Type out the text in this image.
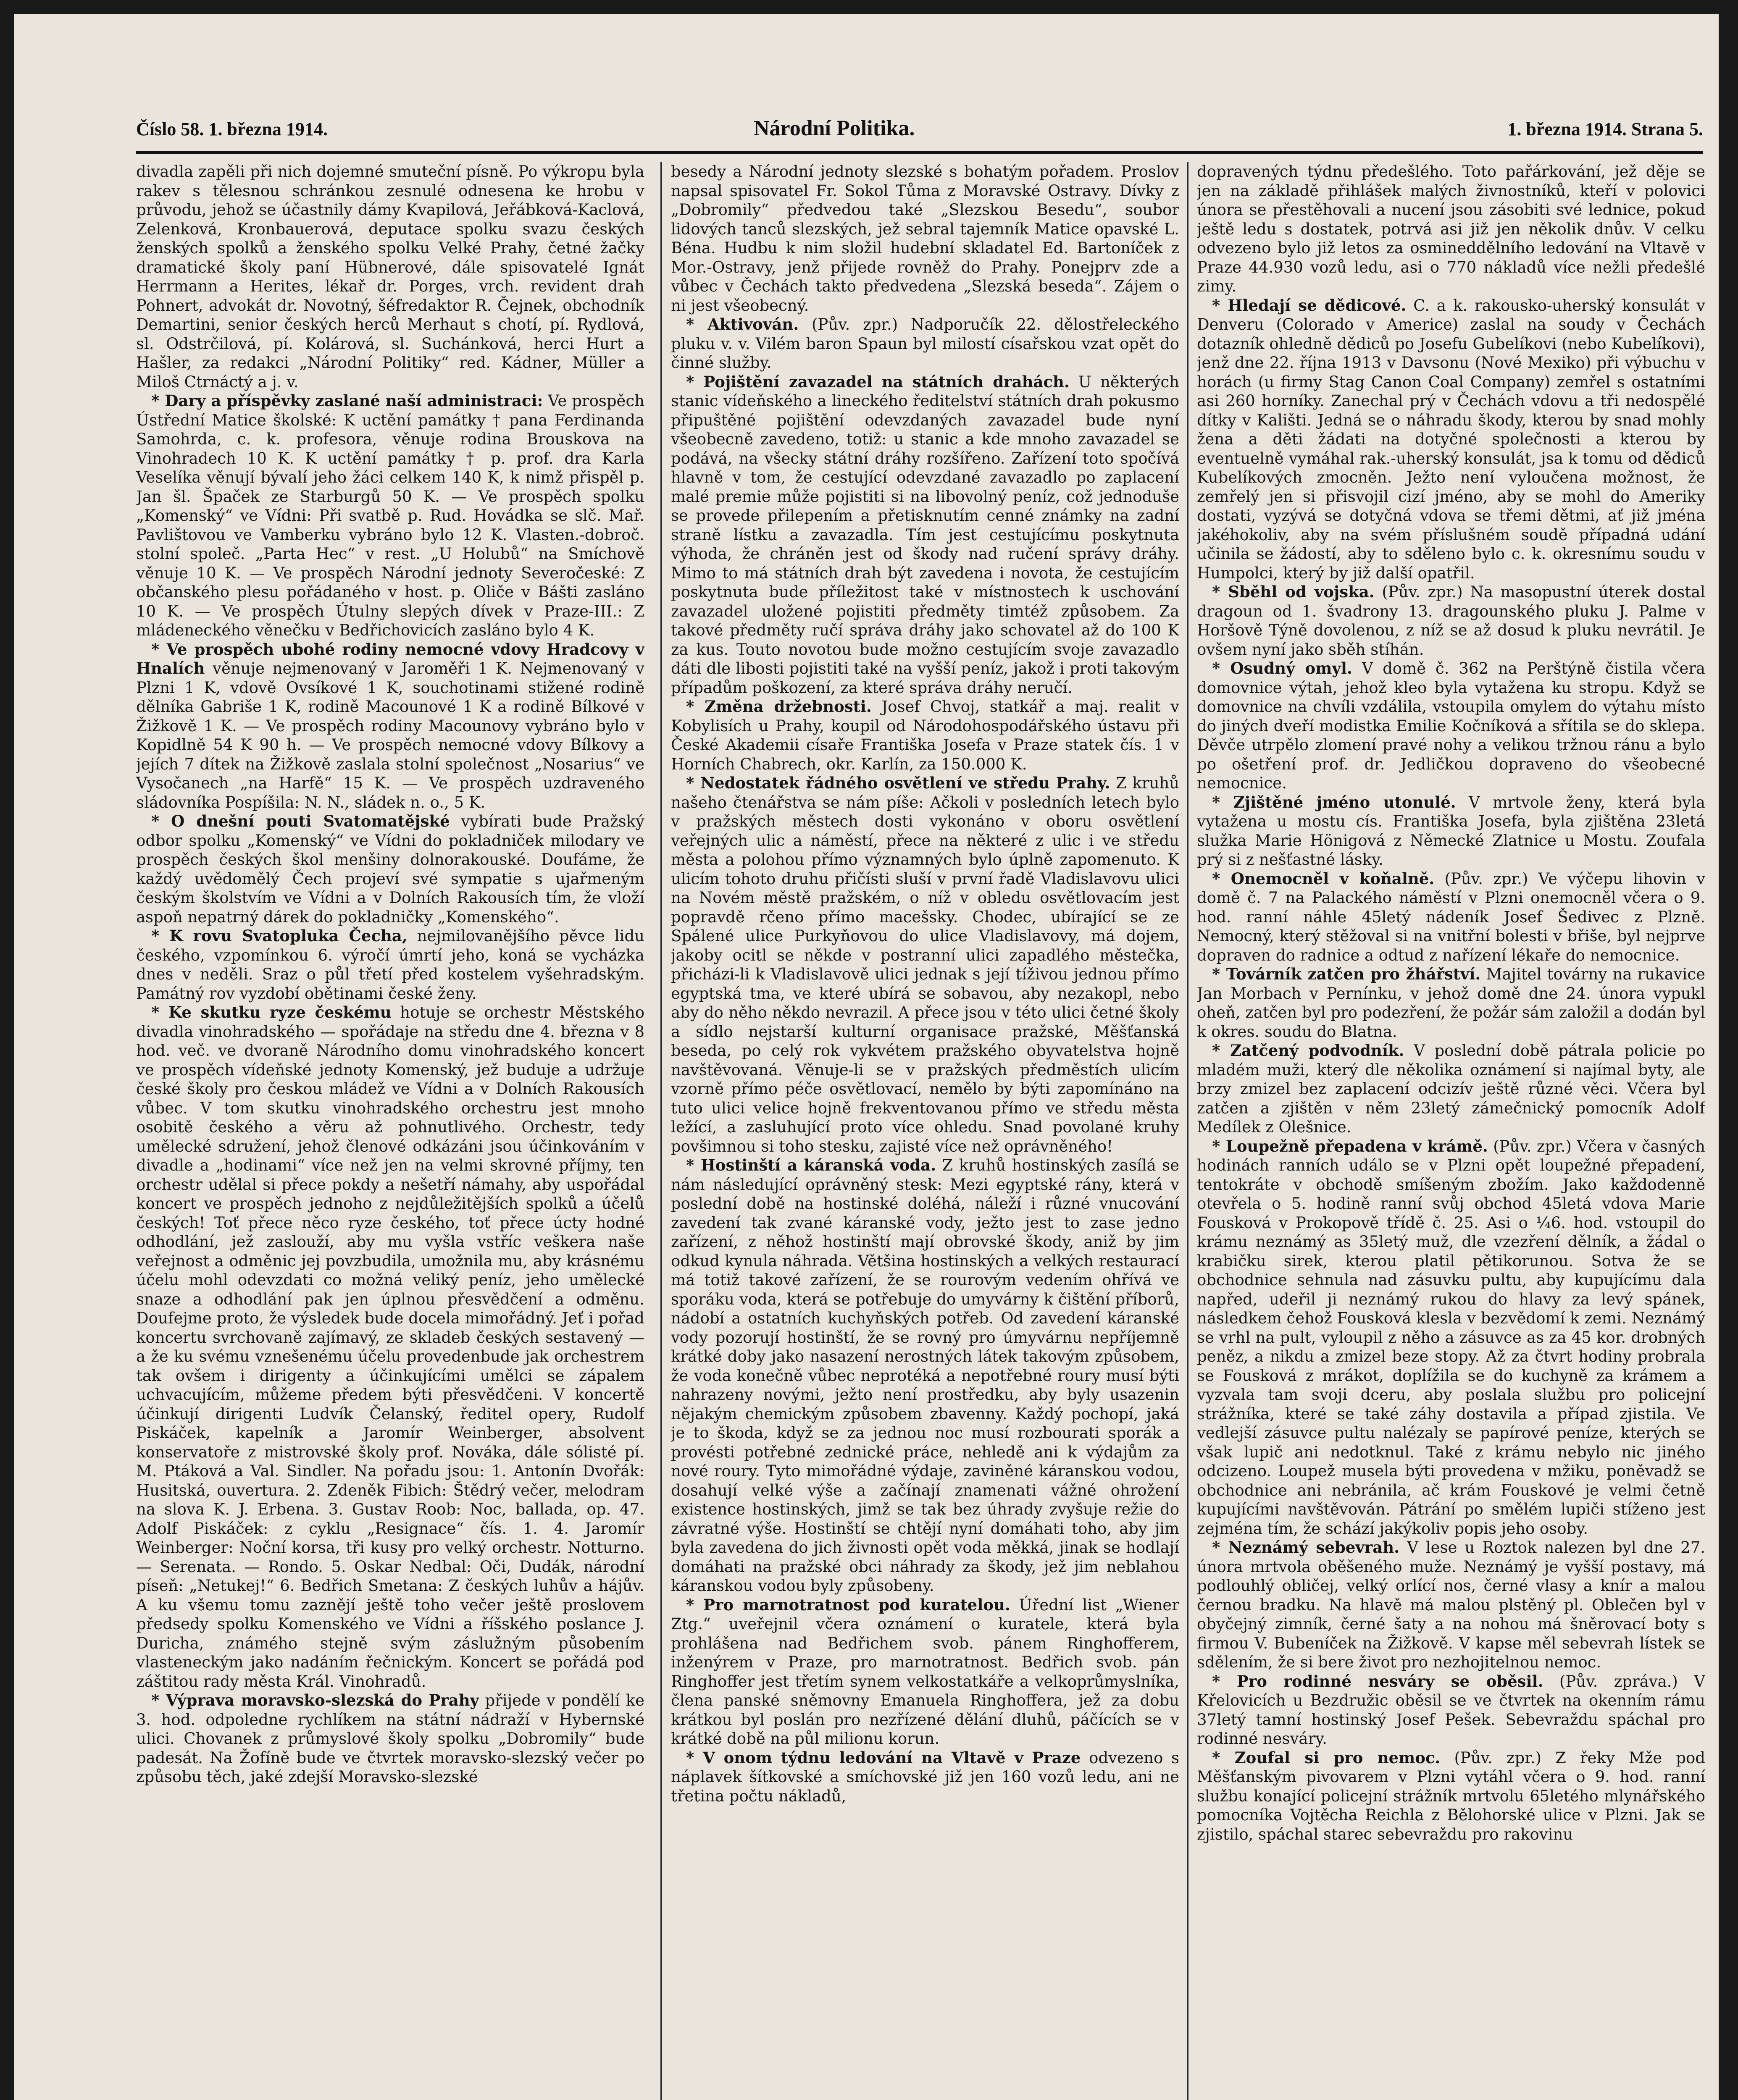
Číslo 58. 1. března 1914.	Národní Politika.	1. března 1914. Strana 5.

divadla zapěli při nich dojemné smuteční písně. Po výkropu byla rakev s tělesnou schránkou zesnulé odnesena ke hrobu v průvodu, jehož se účastnily dámy Kvapilová, Jeřábková-Kaclová, Zelenková, Kronbauerová, deputace spolku svazu českých ženských spolků a ženského spolku Velké Prahy, četné žačky dramatické školy paní Hübnerové, dále spisovatelé Ignát Herrmann a Herites, lékař dr. Porges, vrch. revident drah Pohnert, advokát dr. Novotný, šéfredaktor R. Čejnek, obchodník Demartini, senior českých herců Merhaut s chotí, pí. Rydlová, sl. Odstrčilová, pí. Kolárová, sl. Suchánková, herci Hurt a Hašler, za redakci „Národní Politiky“ red. Kádner, Müller a Miloš Ctrnáctý a j. v.

* Dary a příspěvky zaslané naší administraci: Ve prospěch Ústřední Matice školské: K uctění památky † pana Ferdinanda Samohrda, c. k. profesora, věnuje rodina Brouskova na Vinohradech 10 K. K uctění památky † p. prof. dra Karla Veselíka věnují bývalí jeho žáci celkem 140 K, k nimž přispěl p. Jan šl. Špaček ze Starburgů 50 K. — Ve prospěch spolku „Komenský“ ve Vídni: Při svatbě p. Rud. Hovádka se slč. Mař. Pavlištovou ve Vamberku vybráno bylo 12 K. Vlasten.-dobroč. stolní společ. „Parta Hec“ v rest. „U Holubů“ na Smíchově věnuje 10 K. — Ve prospěch Národní jednoty Severočeské: Z občanského plesu pořádaného v host. p. Oliče v Bášti zasláno 10 K. — Ve prospěch Útulny slepých dívek v Praze-III.: Z mládeneckého věnečku v Bedřichovicích zasláno bylo 4 K.

* Ve prospěch ubohé rodiny nemocné vdovy Hradcovy v Hnalích věnuje nejmenovaný v Jaroměři 1 K. Nejmenovaný v Plzni 1 K, vdově Ovsíkové 1 K, souchotinami stižené rodině dělníka Gabriše 1 K, rodině Macounové 1 K a rodině Bílkové v Žižkově 1 K. — Ve prospěch rodiny Macounovy vybráno bylo v Kopidlně 54 K 90 h. — Ve prospěch nemocné vdovy Bílkovy a jejích 7 dítek na Žižkově zaslala stolní společnost „Nosarius“ ve Vysočanech „na Harfě“ 15 K. — Ve prospěch uzdraveného sládovníka Pospíšila: N. N., sládek n. o., 5 K.

* O dnešní pouti Svatomatějské vybírati bude Pražský odbor spolku „Komenský“ ve Vídni do pokladniček milodary ve prospěch českých škol menšiny dolnorakouské. Doufáme, že každý uvědomělý Čech projeví své sympatie s ujařmeným českým školstvím ve Vídni a v Dolních Rakousích tím, že vloží aspoň nepatrný dárek do pokladničky „Komenského“.

* K rovu Svatopluka Čecha, nejmilovanějšího pěvce lidu českého, vzpomínkou 6. výročí úmrtí jeho, koná se vycházka dnes v neděli. Sraz o půl třetí před kostelem vyšehradským. Památný rov vyzdobí obětinami české ženy.

* Ke skutku ryze českému hotuje se orchestr Městského divadla vinohradského — spořádaje na středu dne 4. března v 8 hod. več. ve dvoraně Národního domu vinohradského koncert ve prospěch vídeňské jednoty Komenský, jež buduje a udržuje české školy pro českou mládež ve Vídni a v Dolních Rakousích vůbec. V tom skutku vinohradského orchestru jest mnoho osobitě českého a věru až pohnutlivého. Orchestr, tedy umělecké sdružení, jehož členové odkázáni jsou účinkováním v divadle a „hodinami“ více než jen na velmi skrovné příjmy, ten orchestr udělal si přece pokdy a nešetří námahy, aby uspořádal koncert ve prospěch jednoho z nejdůležitějších spolků a účelů českých! Toť přece něco ryze českého, toť přece úcty hodné odhodlání, jež zaslouží, aby mu vyšla vstříc veškera naše veřejnost a odměnic jej povzbudila, umožnila mu, aby krásnému účelu mohl odevzdati co možná veliký peníz, jeho umělecké snaze a odhodlání pak jen úplnou přesvědčení a odměnu. Doufejme proto, že výsledek bude docela mimořádný. Jeť i pořad koncertu svrchovaně zajímavý, ze skladeb českých sestavený — a že ku svému vznešenému účelu provedenbude jak orchestrem tak ovšem i dirigenty a účinkujícími umělci se zápalem uchvacujícím, můžeme předem býti přesvědčeni. V koncertě účinkují dirigenti Ludvík Čelanský, ředitel opery, Rudolf Piskáček, kapelník a Jaromír Weinberger, absolvent konservatoře z mistrovské školy prof. Nováka, dále sólisté pí. M. Ptáková a Val. Sindler. Na pořadu jsou: 1. Antonín Dvořák: Husitská, ouvertura. 2. Zdeněk Fibich: Štědrý večer, melodram na slova K. J. Erbena. 3. Gustav Roob: Noc, ballada, op. 47. Adolf Piskáček: z cyklu „Resignace“ čís. 1. 4. Jaromír Weinberger: Noční korsa, tři kusy pro velký orchestr. Notturno. — Serenata. — Rondo. 5. Oskar Nedbal: Oči, Dudák, národní píseň: „Netukej!“ 6. Bedřich Smetana: Z českých luhův a hájův. A ku všemu tomu zaznějí ještě toho večer ještě proslovem předsedy spolku Komenského ve Vídni a říšského poslance J. Duricha, známého stejně svým záslužným působením vlasteneckým jako nadáním řečnickým. Koncert se pořádá pod záštitou rady města Král. Vinohradů.

* Výprava moravsko-slezská do Prahy přijede v pondělí ke 3. hod. odpoledne rychlíkem na státní nádraží v Hybernské ulici. Chovanek z průmyslové školy spolku „Dobromily“ bude padesát. Na Žofíně bude ve čtvrtek moravsko-slezský večer po způsobu těch, jaké zdejší Moravsko-slezské

besedy a Národní jednoty slezské s bohatým pořadem. Proslov napsal spisovatel Fr. Sokol Tůma z Moravské Ostravy. Dívky z „Dobromily“ předvedou také „Slezskou Besedu“, soubor lidových tanců slezských, jež sebral tajemník Matice opavské L. Béna. Hudbu k nim složil hudební skladatel Ed. Bartoníček z Mor.-Ostravy, jenž přijede rovněž do Prahy. Ponejprv zde a vůbec v Čechách takto předvedena „Slezská beseda“. Zájem o ni jest všeobecný.

* Aktivován. (Pův. zpr.) Nadporučík 22. dělostřeleckého pluku v. v. Vilém baron Spaun byl milostí císařskou vzat opět do činné služby.

* Pojištění zavazadel na státních drahách. U některých stanic vídeňského a lineckého ředitelství státních drah pokusmo připuštěné pojištění odevzdaných zavazadel bude nyní všeobecně zavedeno, totiž: u stanic a kde mnoho zavazadel se podává, na všecky státní dráhy rozšířeno. Zařízení toto spočívá hlavně v tom, že cestující odevzdané zavazadlo po zaplacení malé premie může pojistiti si na libovolný peníz, což jednoduše se provede přilepením a přetisknutím cenné známky na zadní straně lístku a zavazadla. Tím jest cestujícímu poskytnuta výhoda, že chráněn jest od škody nad ručení správy dráhy. Mimo to má státních drah být zavedena i novota, že cestujícím poskytnuta bude příležitost také v místnostech k uschování zavazadel uložené pojistiti předměty timtéž způsobem. Za takové předměty ručí správa dráhy jako schovatel až do 100 K za kus. Touto novotou bude možno cestujícím svoje zavazadlo dáti dle libosti pojistiti také na vyšší peníz, jakož i proti takovým případům poškození, za které správa dráhy neručí.

* Změna držebnosti. Josef Chvoj, statkář a maj. realit v Kobylisích u Prahy, koupil od Národohospodářského ústavu při České Akademii císaře Františka Josefa v Praze statek čís. 1 v Horních Chabrech, okr. Karlín, za 150.000 K.

* Nedostatek řádného osvětlení ve středu Prahy. Z kruhů našeho čtenářstva se nám píše: Ačkoli v posledních letech bylo v pražských městech dosti vykonáno v oboru osvětlení veřejných ulic a náměstí, přece na některé z ulic i ve středu města a polohou přímo významných bylo úplně zapomenuto. K ulicím tohoto druhu přičísti sluší v první řadě Vladislavovu ulici na Novém městě pražském, o níž v obledu osvětlovacím jest popravdě rčeno přímo macešsky. Chodec, ubírající se ze Spálené ulice Purkyňovou do ulice Vladislavovy, má dojem, jakoby ocitl se někde v postranní ulici zapadlého městečka, přicházi-li k Vladislavově ulici jednak s její tíživou jednou přímo egyptská tma, ve které ubírá se sobavou, aby nezakopl, nebo aby do něho někdo nevrazil. A přece jsou v této ulici četné školy a sídlo nejstarší kulturní organisace pražské, Měšťanská beseda, po celý rok vykvétem pražského obyvatelstva hojně navštěvovaná. Věnuje-li se v pražských předměstích ulicím vzorně přímo péče osvětlovací, nemělo by býti zapomínáno na tuto ulici velice hojně frekventovanou přímo ve středu města ležící, a zasluhující proto více ohledu. Snad povolané kruhy povšimnou si toho stesku, zajisté více než oprávněného!

* Hostinští a káranská voda. Z kruhů hostinských zasílá se nám následující oprávněný stesk: Mezi egyptské rány, která v poslední době na hostinské doléhá, náleží i různé vnucování zavedení tak zvané káranské vody, ježto jest to zase jedno zařízení, z něhož hostinští mají obrovské škody, aniž by jim odkud kynula náhrada. Většina hostinských a velkých restaurací má totiž takové zařízení, že se rourovým vedením ohřívá ve sporáku voda, která se potřebuje do umyvárny k čištění příborů, nádobí a ostatních kuchyňských potřeb. Od zavedení káranské vody pozorují hostinští, že se rovný pro úmyvárnu nepříjemně krátké doby jako nasazení nerostných látek takovým způsobem, že voda konečně vůbec neprotéká a nepotřebné roury musí býti nahrazeny novými, ježto není prostředku, aby byly usazenin nějakým chemickým způsobem zbavenny. Každý pochopí, jaká je to škoda, když se za jednou noc musí rozbourati sporák a provésti potřebné zednické práce, nehledě ani k výdajům za nové roury. Tyto mimořádné výdaje, zaviněné káranskou vodou, dosahují velké výše a začínají znamenati vážné ohrožení existence hostinských, jimž se tak bez úhrady zvyšuje režie do závratné výše. Hostinští se chtějí nyní domáhati toho, aby jim byla zavedena do jich živnosti opět voda měkká, jinak se hodlají domáhati na pražské obci náhrady za škody, jež jim neblahou káranskou vodou byly způsobeny.

* Pro marnotratnost pod kuratelou. Úřední list „Wiener Ztg.“ uveřejnil včera oznámení o kuratele, která byla prohlášena nad Bedřichem svob. pánem Ringhofferem, inženýrem v Praze, pro marnotratnost. Bedřich svob. pán Ringhoffer jest třetím synem velkostatkáře a velkoprůmyslníka, člena panské sněmovny Emanuela Ringhoffera, jež za dobu krátkou byl poslán pro nezřízené dělání dluhů, páčících se v krátké době na půl milionu korun.

* V onom týdnu ledování na Vltavě v Praze odvezeno s náplavek šítkovské a smíchovské již jen 160 vozů ledu, ani ne třetina počtu nákladů,

dopravených týdnu předešlého. Toto pařárkování, jež děje se jen na základě přihlášek malých živnostníků, kteří v polovici února se přestěhovali a nucení jsou zásobiti své lednice, pokud ještě ledu s dostatek, potrvá asi již jen několik dnův. V celku odvezeno bylo již letos za osmineddělního ledování na Vltavě v Praze 44.930 vozů ledu, asi o 770 nákladů více nežli předešlé zimy.

* Hledají se dědicové. C. a k. rakousko-uherský konsulát v Denveru (Colorado v Americe) zaslal na soudy v Čechách dotazník ohledně dědiců po Josefu Gubelíkovi (nebo Kubelíkovi), jenž dne 22. října 1913 v Davsonu (Nové Mexiko) při výbuchu v horách (u firmy Stag Canon Coal Company) zemřel s ostatními asi 260 horníky. Zanechal prý v Čechách vdovu a tři nedospělé dítky v Kališti. Jedná se o náhradu škody, kterou by snad mohly žena a děti žádati na dotyčné společnosti a kterou by eventuelně vymáhal rak.-uherský konsulát, jsa k tomu od dědiců Kubelíkových zmocněn. Ježto není vyloučena možnost, že zemřelý jen si přisvojil cizí jméno, aby se mohl do Ameriky dostati, vyzývá se dotyčná vdova se třemi dětmi, ať již jména jakéhokoliv, aby na svém příslušném soudě případná udání učinila se žádostí, aby to sděleno bylo c. k. okresnímu soudu v Humpolci, který by již další opatřil.

* Sběhl od vojska. (Pův. zpr.) Na masopustní úterek dostal dragoun od 1. švadrony 13. dragounského pluku J. Palme v Horšově Týně dovolenou, z níž se až dosud k pluku nevrátil. Je ovšem nyní jako sběh stíhán.

* Osudný omyl. V domě č. 362 na Perštýně čistila včera domovnice výtah, jehož kleo byla vytažena ku stropu. Když se domovnice na chvíli vzdálila, vstoupila omylem do výtahu místo do jiných dveří modistka Emilie Kočníková a sřítila se do sklepa. Děvče utrpělo zlomení pravé nohy a velikou tržnou ránu a bylo po ošetření prof. dr. Jedličkou dopraveno do všeobecné nemocnice.

* Zjištěné jméno utonulé. V mrtvole ženy, která byla vytažena u mostu cís. Františka Josefa, byla zjištěna 23letá služka Marie Hönigová z Německé Zlatnice u Mostu. Zoufala prý si z nešťastné lásky.

* Onemocněl v koňalně. (Pův. zpr.) Ve výčepu lihovin v domě č. 7 na Palackého náměstí v Plzni onemocněl včera o 9. hod. ranní náhle 45letý nádeník Josef Šedivec z Plzně. Nemocný, který stěžoval si na vnitřní bolesti v břiše, byl nejprve dopraven do radnice a odtud z nařízení lékaře do nemocnice.

* Továrník zatčen pro žhářství. Majitel továrny na rukavice Jan Morbach v Pernínku, v jehož domě dne 24. února vypukl oheň, zatčen byl pro podezření, že požár sám založil a dodán byl k okres. soudu do Blatna.

* Zatčený podvodník. V poslední době pátrala policie po mladém muži, který dle několika oznámení si najímal byty, ale brzy zmizel bez zaplacení odcizív ještě různé věci. Včera byl zatčen a zjištěn v něm 23letý zámečnický pomocník Adolf Medílek z Olešnice.

* Loupežně přepadena v krámě. (Pův. zpr.) Včera v časných hodinách ranních událo se v Plzni opět loupežné přepadení, tentokráte v obchodě smíšeným zbožím. Jako každodenně otevřela o 5. hodině ranní svůj obchod 45letá vdova Marie Fousková v Prokopově třídě č. 25. Asi o ¼6. hod. vstoupil do krámu neznámý as 35letý muž, dle vzezření dělník, a žádal o krabičku sirek, kterou platil pětikorunou. Sotva že se obchodnice sehnula nad zásuvku pultu, aby kupujícímu dala napřed, udeřil ji neznámý rukou do hlavy za levý spánek, následkem čehož Fousková klesla v bezvědomí k zemi. Neznámý se vrhl na pult, vyloupil z něho a zásuvce as za 45 kor. drobných peněz, a nikdu a zmizel beze stopy. Až za čtvrt hodiny probrala se Fousková z mrákot, doplížila se do kuchyně za krámem a vyzvala tam svoji dceru, aby poslala službu pro policejní strážníka, které se také záhy dostavila a případ zjistila. Ve vedlejší zásuvce pultu nalézaly se papírové peníze, kterých se však lupič ani nedotknul. Také z krámu nebylo nic jiného odcizeno. Loupež musela býti provedena v mžiku, poněvadž se obchodnice ani nebránila, ač krám Fouskové je velmi četně kupujícími navštěvován. Pátrání po smělém lupiči stíženo jest zejména tím, že schází jakýkoliv popis jeho osoby.

* Neznámý sebevrah. V lese u Roztok nalezen byl dne 27. února mrtvola oběšeného muže. Neznámý je vyšší postavy, má podlouhlý obličej, velký orlící nos, černé vlasy a knír a malou černou bradku. Na hlavě má malou plstěný pl. Oblečen byl v obyčejný zimník, černé šaty a na nohou má šněrovací boty s firmou V. Bubeníček na Žižkově. V kapse měl sebevrah lístek se sdělením, že si bere život pro nezhojitelnou nemoc.

* Pro rodinné nesváry se oběsil. (Pův. zpráva.) V Křelovicích u Bezdružic oběsil se ve čtvrtek na okenním rámu 37letý tamní hostinský Josef Pešek. Sebevraždu spáchal pro rodinné nesváry.

* Zoufal si pro nemoc. (Pův. zpr.) Z řeky Mže pod Měšťanským pivovarem v Plzni vytáhl včera o 9. hod. ranní službu konající policejní strážník mrtvolu 65letého mlynářského pomocníka Vojtěcha Reichla z Bělohorské ulice v Plzni. Jak se zjistilo, spáchal starec sebevraždu pro rakovinu
